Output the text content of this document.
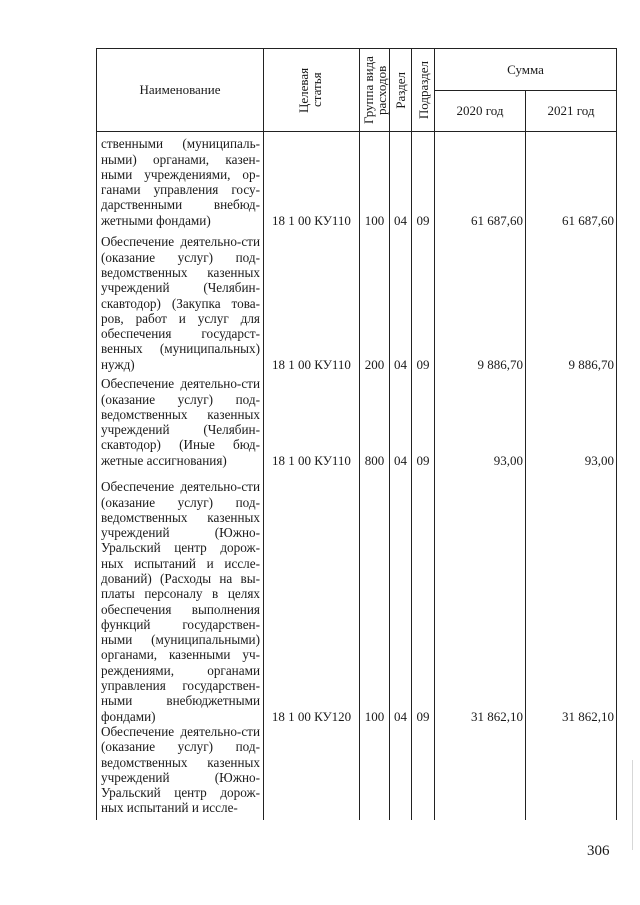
Наименование	Целевая статья	Группа вида расходов	Раздел	Подраздел	Сумма	
					2020 год	2021 год
ственными (муниципаль-ными) органами, казен-ными учреждениями, ор-ганами управления госу-дарственными внебюд-жетными фондами)	18 1 00 КУ110	100	04	09	61 687,60	61 687,60
Обеспечение деятельно-сти (оказание услуг) под-ведомственных казенных учреждений (Челябин-скавтодор) (Закупка това-ров, работ и услуг для обеспечения государст-венных (муниципальных) нужд)	18 1 00 КУ110	200	04	09	9 886,70	9 886,70
Обеспечение деятельно-сти (оказание услуг) под-ведомственных казенных учреждений (Челябин-скавтодор) (Иные бюд-жетные ассигнования)	18 1 00 КУ110	800	04	09	93,00	93,00
Обеспечение деятельно-сти (оказание услуг) под-ведомственных казенных учреждений (Южно-Уральский центр дорож-ных испытаний и иссле-дований) (Расходы на вы-платы персоналу в целях обеспечения выполнения функций государствен-ными (муниципальными) органами, казенными уч-реждениями, органами управления государствен-ными внебюджетными фондами)	18 1 00 КУ120	100	04	09	31 862,10	31 862,10
Обеспечение деятельно-сти (оказание услуг) под-ведомственных казенных учреждений (Южно-Уральский центр дорож-ных испытаний и иссле-						
306
